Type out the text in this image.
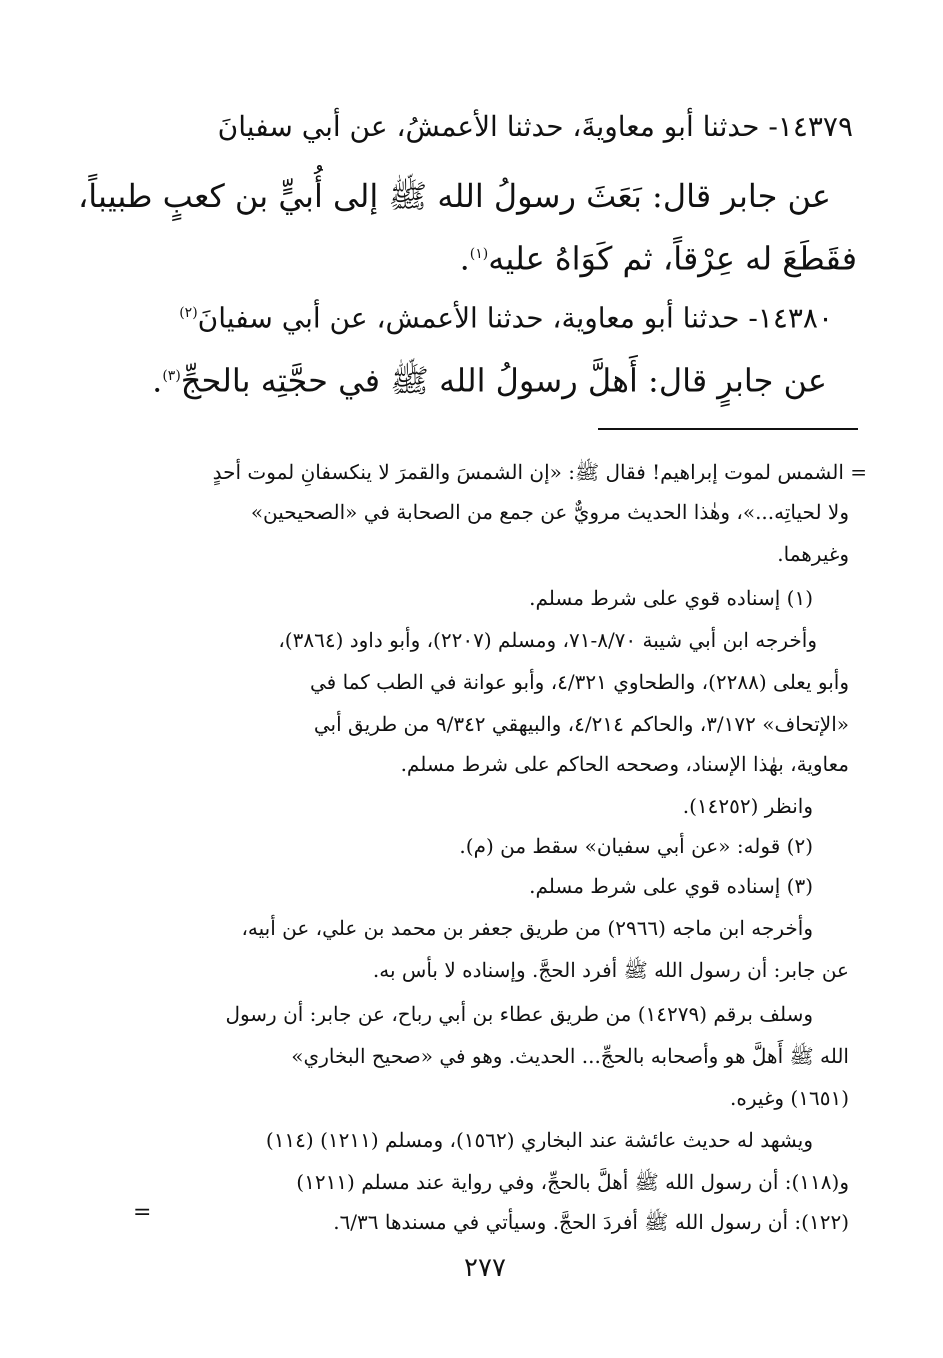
١٤٣٧٩- حدثنا أبو معاويةَ، حدثنا الأعمشُ، عن أبي سفيانَ

عن جابر قال: بَعَثَ رسولُ الله ﷺ إلى أُبيٍّ بن كعبٍ طبيباً،

فقَطَعَ له عِرْقاً، ثم كَوَاهُ عليه$^{(١)}$.

١٤٣٨٠- حدثنا أبو معاوية، حدثنا الأعمش، عن أبي سفيانَ$^{(٢)}$

عن جابرٍ قال: أَهلَّ رسولُ الله ﷺ في حجَّتِه بالحجِّ$^{(٣)}$.

= الشمس لموت إبراهيم! فقال ﷺ: «إن الشمسَ والقمرَ لا ينكسفانِ لموت أحدٍ

ولا لحياتِه...»، وهٰذا الحديث مرويٌّ عن جمع من الصحابة في «الصحيحين»

وغيرهما.

(١) إسناده قوي على شرط مسلم.

وأخرجه ابن أبي شيبة ٨/٧٠-٧١، ومسلم (٢٢٠٧)، وأبو داود (٣٨٦٤)،

وأبو يعلى (٢٢٨٨)، والطحاوي ٤/٣٢١، وأبو عوانة في الطب كما في

«الإتحاف» ٣/١٧٢، والحاكم ٤/٢١٤، والبيهقي ٩/٣٤٢ من طريق أبي

معاوية، بهٰذا الإسناد، وصححه الحاكم على شرط مسلم.

وانظر (١٤٢٥٢).

(٢) قوله: «عن أبي سفيان» سقط من (م).

(٣) إسناده قوي على شرط مسلم.

وأخرجه ابن ماجه (٢٩٦٦) من طريق جعفر بن محمد بن علي، عن أبيه،

عن جابر: أن رسول الله ﷺ أفرد الحجَّ. وإسناده لا بأس به.

وسلف برقم (١٤٢٧٩) من طريق عطاء بن أبي رباح، عن جابر: أن رسول

الله ﷺ أَهلَّ هو وأصحابه بالحجِّ... الحديث. وهو في «صحيح البخاري»

(١٦٥١) وغيره.

ويشهد له حديث عائشة عند البخاري (١٥٦٢)، ومسلم (١٢١١) (١١٤)

و(١١٨): أن رسول الله ﷺ أهلَّ بالحجِّ، وفي رواية عند مسلم (١٢١١)

(١٢٢): أن رسول الله ﷺ أفردَ الحجَّ. وسيأتي في مسندها ٦/٣٦.

=
٢٧٧
